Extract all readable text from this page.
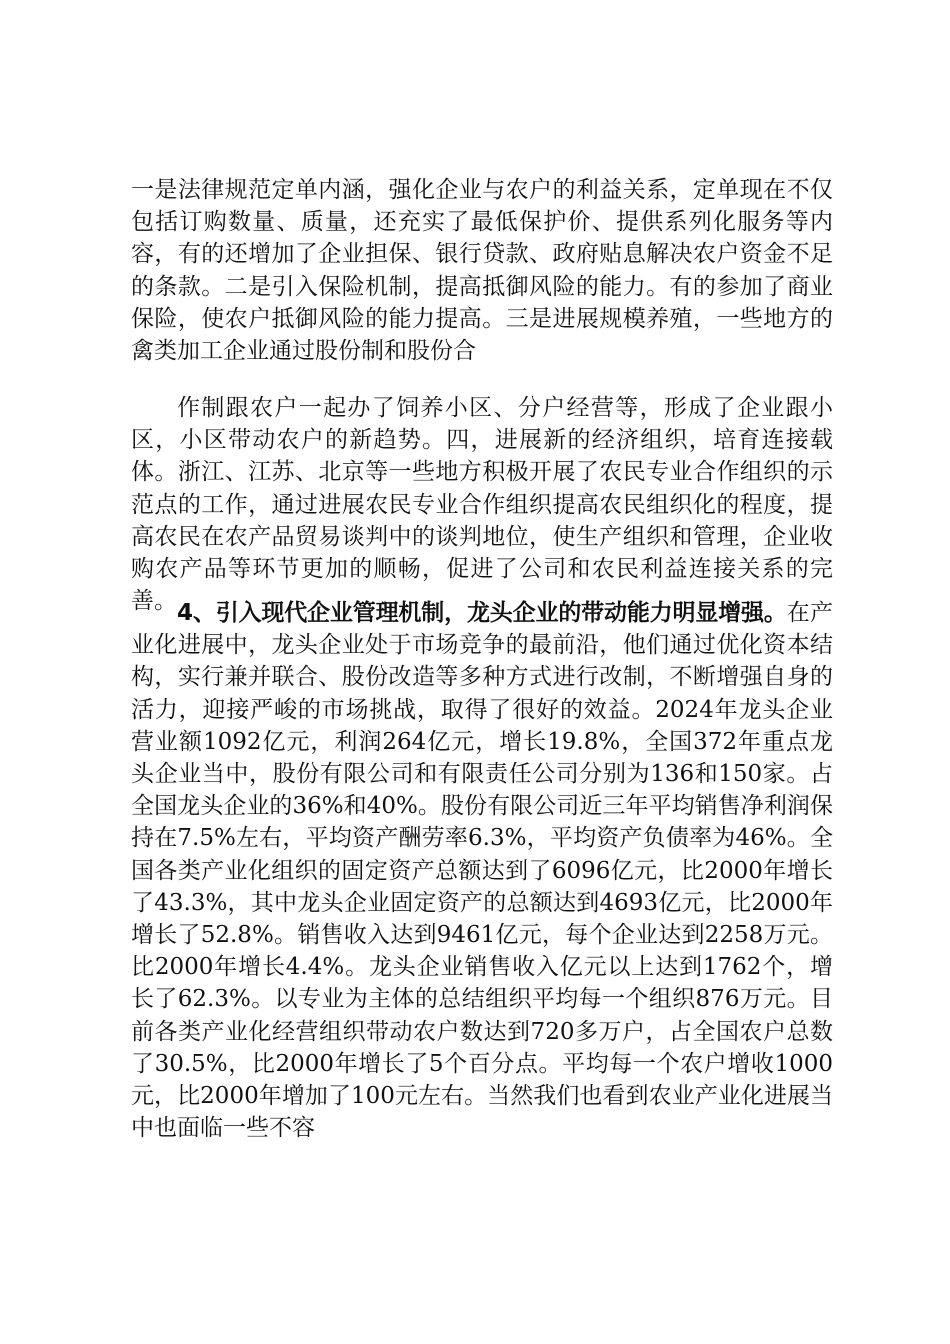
一是法律规范定单内涵，强化企业与农户的利益关系，定单现在不仅包括订购数量、质量，还充实了最低保护价、提供系列化服务等内容，有的还增加了企业担保、银行贷款、政府贴息解决农户资金不足的条款。二是引入保险机制，提高抵御风险的能力。有的参加了商业保险，使农户抵御风险的能力提高。三是进展规模养殖，一些地方的禽类加工企业通过股份制和股份合
作制跟农户一起办了饲养小区、分户经营等，形成了企业跟小区，小区带动农户的新趋势。四，进展新的经济组织，培育连接载体。浙江、江苏、北京等一些地方积极开展了农民专业合作组织的示范点的工作，通过进展农民专业合作组织提高农民组织化的程度，提高农民在农产品贸易谈判中的谈判地位，使生产组织和管理，企业收购农产品等环节更加的顺畅，促进了公司和农民利益连接关系的完善。 4、引入现代企业管理机制，龙头企业的带动能力明显增强。在产业化进展中，龙头企业处于市场竞争的最前沿，他们通过优化资本结构，实行兼并联合、股份改造等多种方式进行改制，不断增强自身的活力，迎接严峻的市场挑战，取得了很好的效益。2024年龙头企业营业额1092亿元，利润264亿元，增长19.8%，全国372年重点龙头企业当中，股份有限公司和有限责任公司分别为136和150家。占全国龙头企业的36%和40%。股份有限公司近三年平均销售净利润保持在7.5%左右，平均资产酬劳率6.3%，平均资产负债率为46%。全国各类产业化组织的固定资产总额达到了6096亿元，比2000年增长了43.3%，其中龙头企业固定资产的总额达到4693亿元，比2000年增长了52.8%。销售收入达到9461亿元，每个企业达到2258万元。比2000年增长4.4%。龙头企业销售收入亿元以上达到1762个，增长了62.3%。以专业为主体的总结组织平均每一个组织876万元。目前各类产业化经营组织带动农户数达到720多万户，占全国农户总数了30.5%，比2000年增长了5个百分点。平均每一个农户增收1000元，比2000年增加了100元左右。当然我们也看到农业产业化进展当中也面临一些不容
